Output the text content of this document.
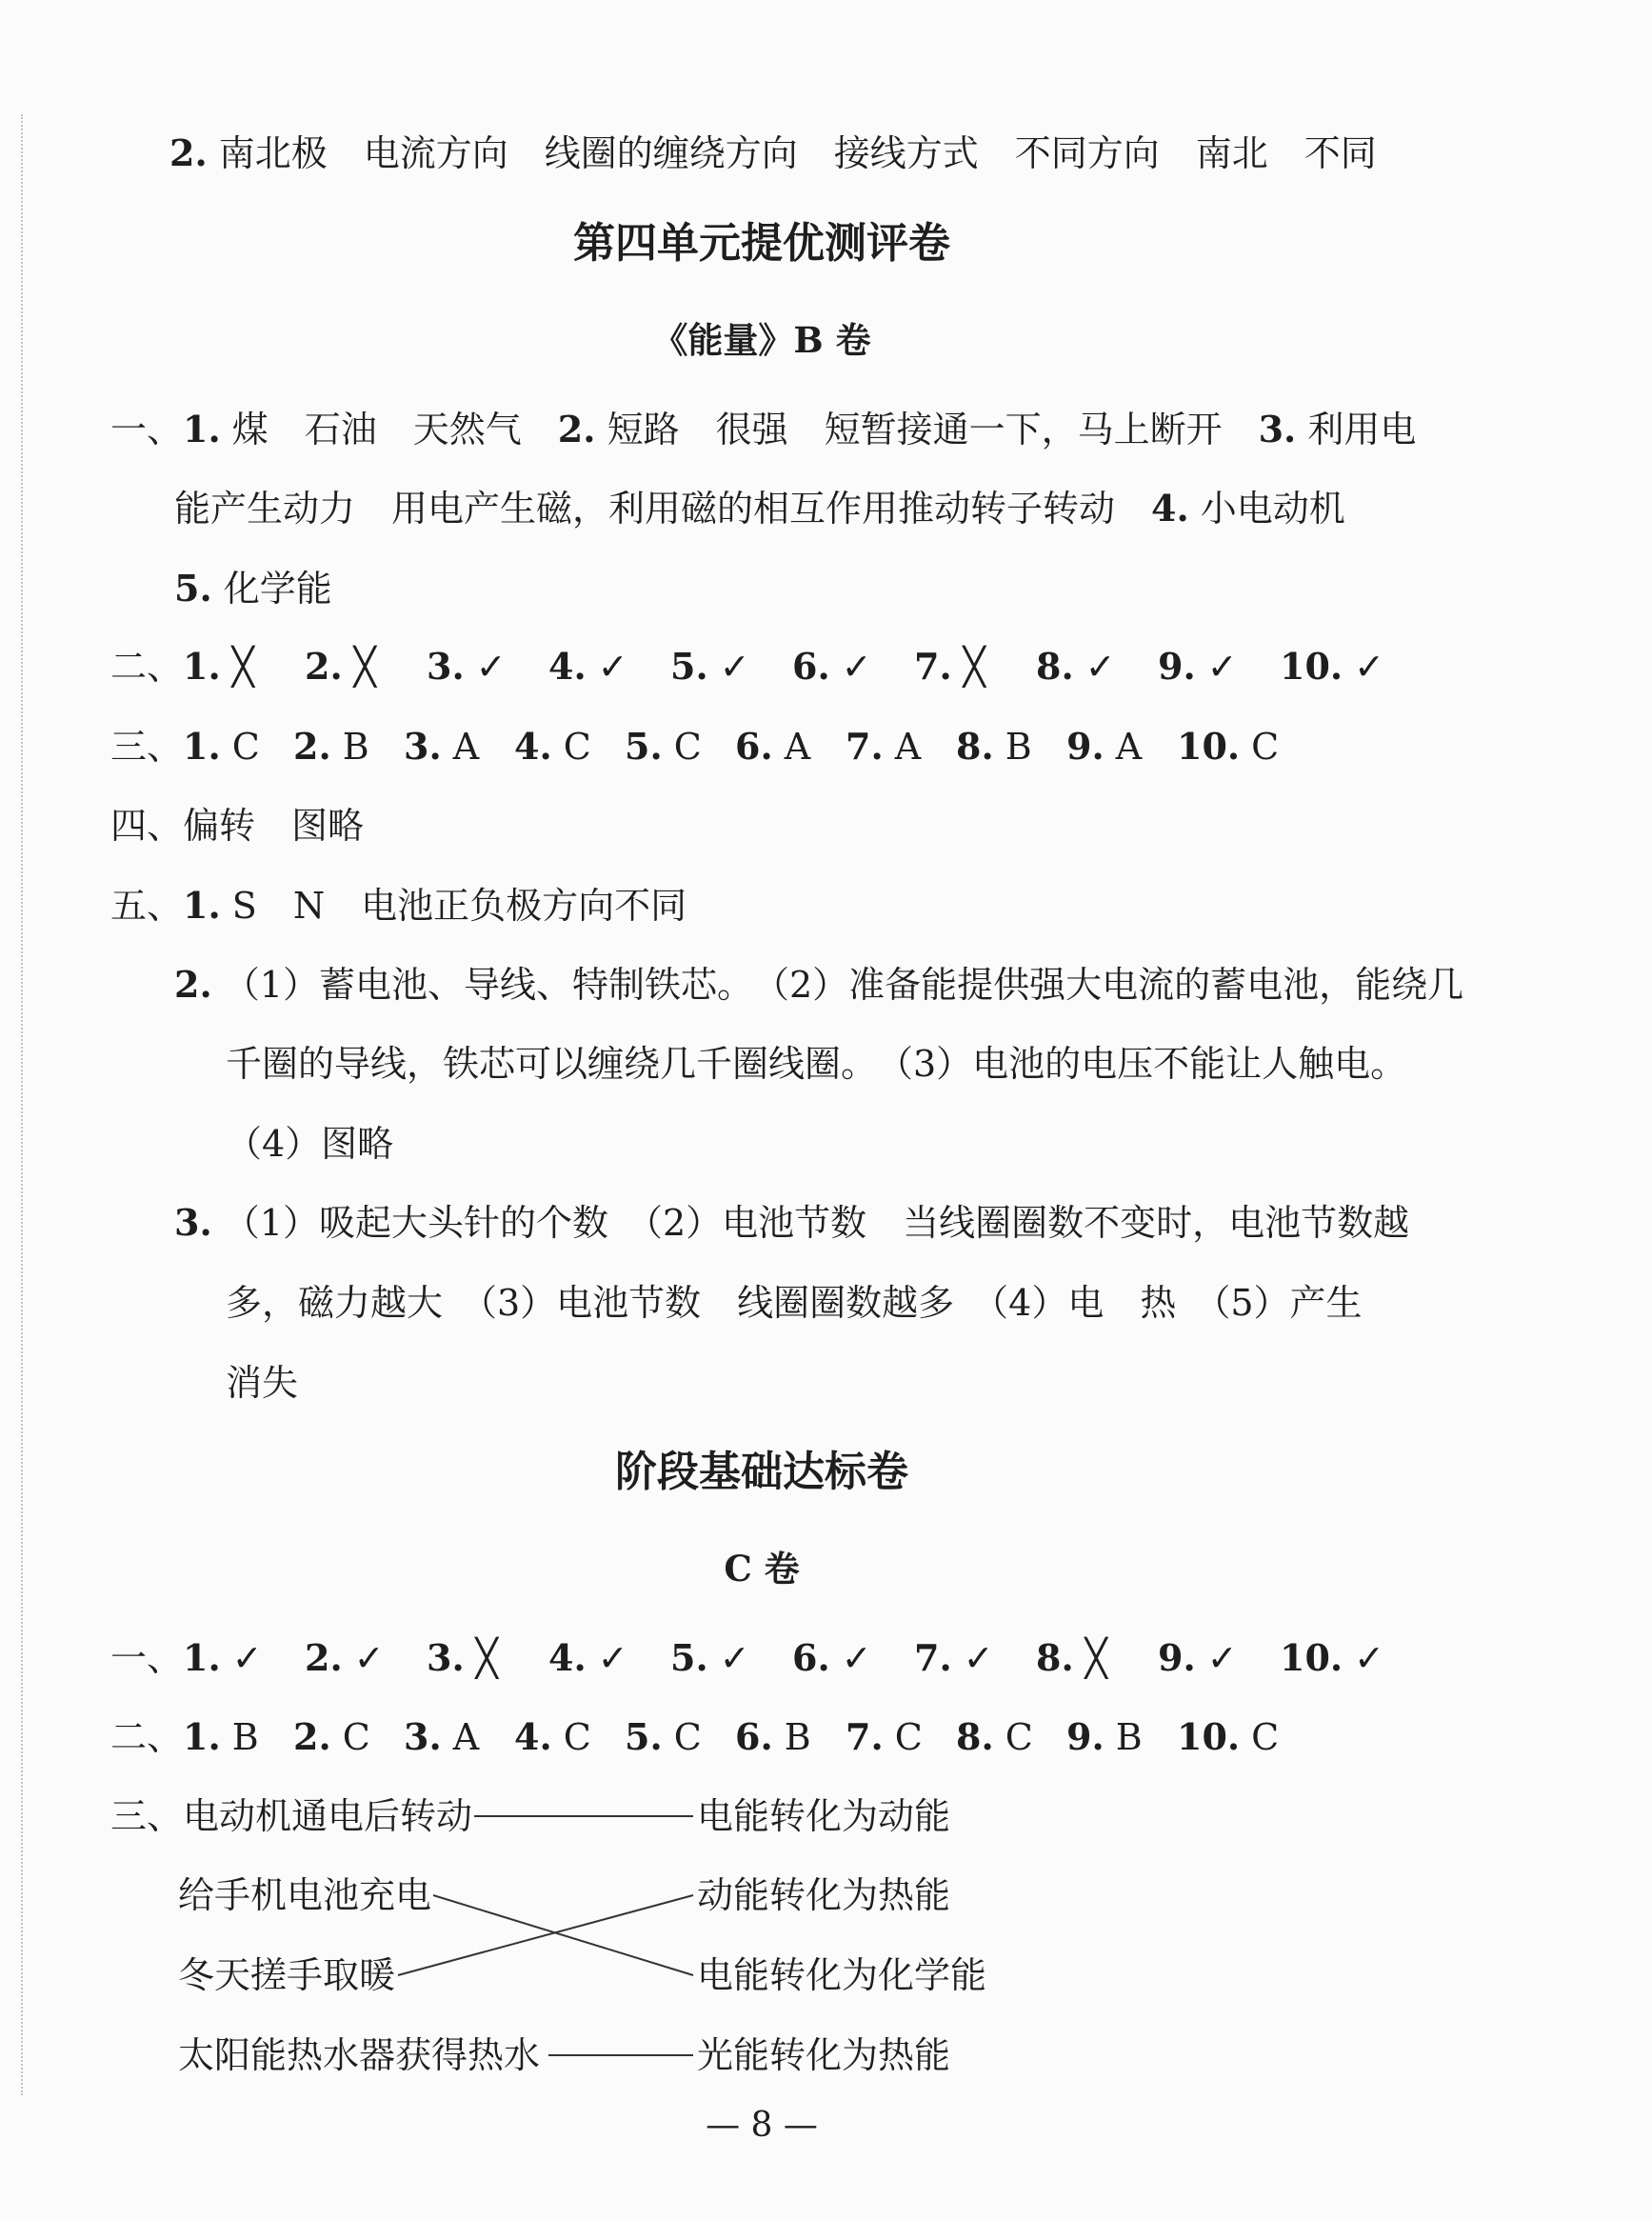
2. 南北极　电流方向　线圈的缠绕方向　接线方式　不同方向　南北　不同
第四单元提优测评卷
《能量》B 卷
一、1. 煤　石油　天然气　2. 短路　很强　短暂接通一下，马上断开　3. 利用电
能产生动力　用电产生磁，利用磁的相互作用推动转子转动　4. 小电动机
5. 化学能
二、1. ╳ 2. ╳ 3. ✓ 4. ✓ 5. ✓ 6. ✓ 7. ╳ 8. ✓ 9. ✓ 10. ✓
三、1. C 2. B 3. A 4. C 5. C 6. A 7. A 8. B 9. A 10. C
四、偏转　图略
五、1. S　N　电池正负极方向不同
2. （1）蓄电池、导线、特制铁芯。　（2）准备能提供强大电流的蓄电池，能绕几
千圈的导线，铁芯可以缠绕几千圈线圈。　（3）电池的电压不能让人触电。
（4）图略
3. （1）吸起大头针的个数　（2）电池节数　当线圈圈数不变时，电池节数越
多，磁力越大　（3）电池节数　线圈圈数越多　（4）电　热　（5）产生
消失
阶段基础达标卷
C 卷
一、1. ✓ 2. ✓ 3. ╳ 4. ✓ 5. ✓ 6. ✓ 7. ✓ 8. ╳ 9. ✓ 10. ✓
二、1. B 2. C 3. A 4. C 5. C 6. B 7. C 8. C 9. B 10. C
三、电动机通电后转动
给手机电池充电
冬天搓手取暖
太阳能热水器获得热水
电能转化为动能
动能转化为热能
电能转化为化学能
光能转化为热能
— 8 —
